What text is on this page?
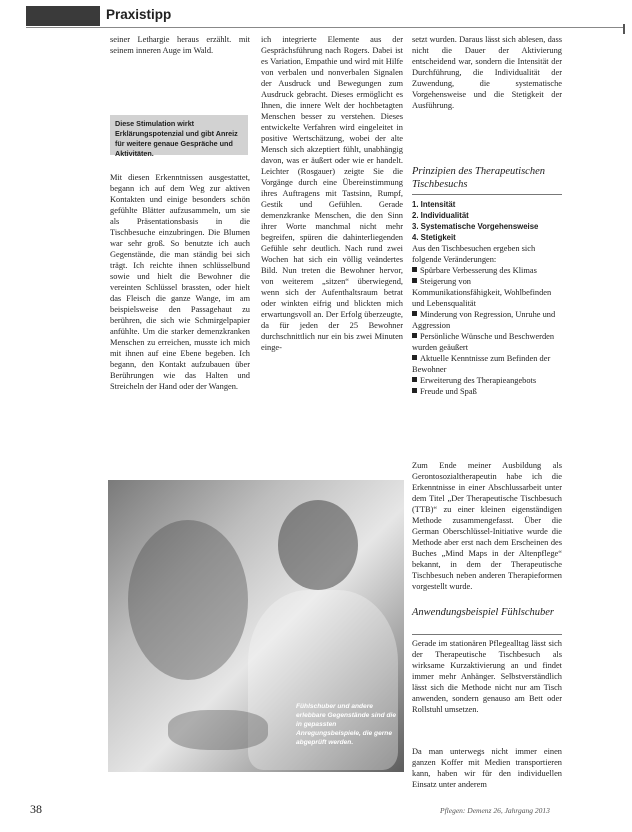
Praxistipp

seiner Lethargie heraus erzählt. mit seinem inneren Auge im Wald.

Diese Stimulation wirkt Erklärungspotenzial und gibt Anreiz für weitere genaue Gespräche und Aktivitäten.

Mit diesen Erkenntnissen ausgestattet, begann ich auf dem Weg zur aktiven Kontakten und einige besonders schön gefühlte Blätter aufzusammeln, um sie als Präsentationsbasis in die Tischbesuche einzubringen. Die Blumen war sehr groß. So benutzte ich auch Gegenstände, die man ständig bei sich trägt. Ich reichte ihnen schlüsselbund sowie und hielt die Bewohner die vereinten Schlüssel brassten, oder hielt das Fleisch die ganze Wange, im am beispielsweise den Passagehaut zu berühren, die sich wie Schmirgelpapier anfühlte. Um die starker demenzkranken Menschen zu erreichen, musste ich mich mit ihnen auf eine Ebene begeben. Ich begann, den Kontakt aufzubauen über Berührungen wie das Halten und Streicheln der Hand oder der Wangen.

ich integrierte Elemente aus der Gesprächsführung nach Rogers. Dabei ist es Variation, Empathie und wird mit Hilfe von verbalen und nonverbalen Signalen der Ausdruck und Bewegungen zum Ausdruck gebracht. Dieses ermöglicht es Ihnen, die innere Welt der hochbetagten Menschen besser zu verstehen. Dieses entwickelte Verfahren wird eingeleitet in positive Wertschätzung, wobei der alte Mensch sich akzeptiert fühlt, unabhängig davon, was er äußert oder wie er handelt. Leichter (Rosgauer) zeigte Sie die Vorgänge durch eine Übereinstimmung ihres Auftragens mit Tastsinn, Rumpf, Gestik und Gefühlen. Gerade demenzkranke Menschen, die den Sinn ihrer Worte manchmal nicht mehr begreifen, spüren die dahinterliegenden Gefühle sehr deutlich. Nach rund zwei Wochen hat sich ein völlig veändertes Bild. Nun treten die Bewohner hervor, von weiterem „sitzen“ überwiegend, wenn sich der Aufenthaltsraum betrat oder winkten eifrig und blickten mich erwartungsvoll an. Der Erfolg überzeugte, da für jeden der 25 Bewohner durchschnittlich nur ein bis zwei Minuten einge-

setzt wurden. Daraus lässt sich ablesen, dass nicht die Dauer der Aktivierung entscheidend war, sondern die Intensität der Durchführung, die Individualität der Zuwendung, die systematische Vorgehensweise und die Stetigkeit der Ausführung.

Prinzipien des Therapeutischen Tischbesuchs

1. Intensität
2. Individualität
3. Systematische Vorgehensweise
4. Stetigkeit
Aus den Tischbesuchen ergeben sich folgende Veränderungen:
Spürbare Verbesserung des Klimas
Steigerung von Kommunikationsfähigkeit, Wohlbefinden und Lebensqualität
Minderung von Regression, Unruhe und Aggression
Persönliche Wünsche und Beschwerden wurden geäußert
Aktuelle Kenntnisse zum Befinden der Bewohner
Erweiterung des Therapieangebots
Freude und Spaß

Zum Ende meiner Ausbildung als Gerontosozialtherapeutin habe ich die Erkenntnisse in einer Abschlussarbeit unter dem Titel „Der Therapeutische Tischbesuch (TTB)“ zu einer kleinen eigenständigen Methode zusammengefasst. Über die German Oberschlüssel-Initiative wurde die Methode aber erst nach dem Erscheinen des Buches „Mind Maps in der Altenpflege“ bekannt, in dem der Therapeutische Tischbesuch neben anderen Therapieformen vorgestellt wurde.

Anwendungsbeispiel Fühlschuber

Gerade im stationären Pflegealltag lässt sich der Therapeutische Tischbesuch als wirksame Kurzaktivierung an und findet immer mehr Anhänger. Selbstverständlich lässt sich die Methode nicht nur am Tisch anwenden, sondern genauso am Bett oder Rollstuhl umsetzen.

Da man unterwegs nicht immer einen ganzen Koffer mit Medien transportieren kann, haben wir für den individuellen Einsatz unter anderem

Fühlschuber und andere erlebbare Gegenstände sind die in gepassten Anregungsbeispiele, die gerne abgeprüft werden.

38	Pflegen: Demenz 26, Jahrgang 2013
